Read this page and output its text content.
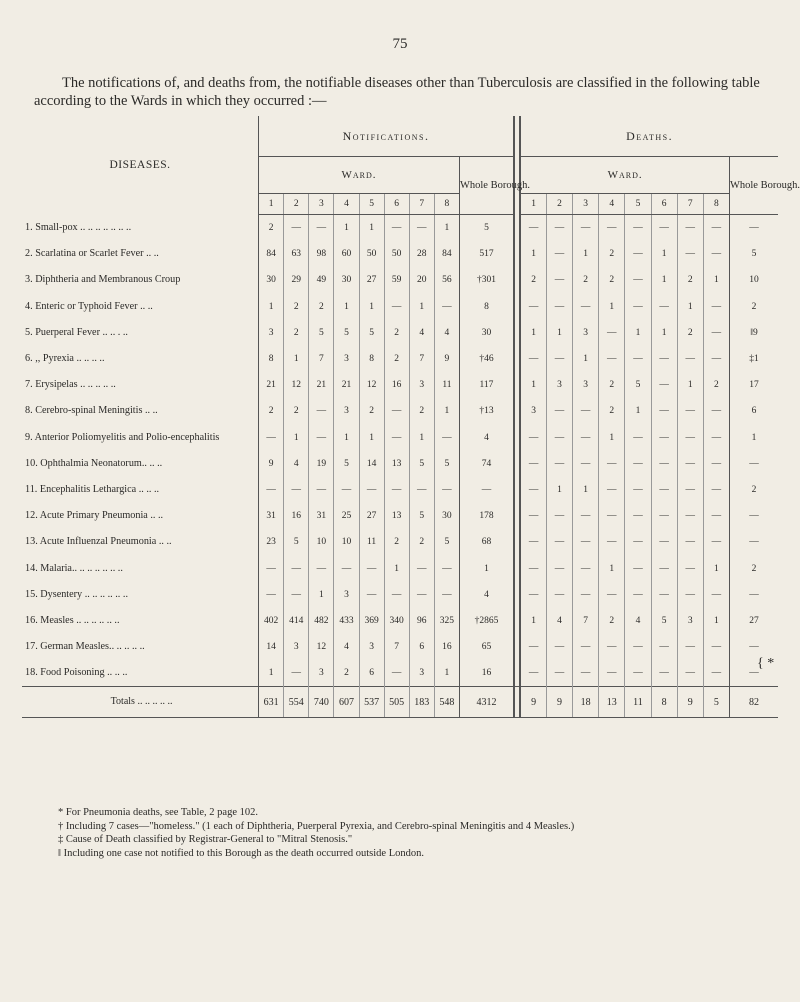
75
The notifications of, and deaths from, the notifiable diseases other than Tuberculosis are classified in the following table according to the Wards in which they occurred :—
DISEASES.	Notifications.										Deaths.								
	Ward.								Whole Borough.		Ward.								Whole Borough.
	1	2	3	4	5	6	7	8			1	2	3	4	5	6	7	8	
1. Small-pox .. .. .. .. .. .. ..	2	—	—	1	1	—	—	1	5		—	—	—	—	—	—	—	—	—
2. Scarlatina or Scarlet Fever .. ..	84	63	98	60	50	50	28	84	517		1	—	1	2	—	1	—	—	5
3. Diphtheria and Membranous Croup	30	29	49	30	27	59	20	56	†301		2	—	2	2	—	1	2	1	10
4. Enteric or Typhoid Fever .. ..	1	2	2	1	1	—	1	—	8		—	—	—	1	—	—	1	—	2
5. Puerperal Fever .. .. . ..	3	2	5	5	5	2	4	4	30		1	1	3	—	1	1	2	—	‖9
6. ,, Pyrexia .. .. .. ..	8	1	7	3	8	2	7	9	†46		—	—	1	—	—	—	—	—	‡1
7. Erysipelas .. .. .. .. ..	21	12	21	21	12	16	3	11	117		1	3	3	2	5	—	1	2	17
8. Cerebro-spinal Meningitis .. ..	2	2	—	3	2	—	2	1	†13		3	—	—	2	1	—	—	—	6
9. Anterior Poliomyelitis and Polio-encephalitis	—	1	—	1	1	—	1	—	4		—	—	—	1	—	—	—	—	1
10. Ophthalmia Neonatorum.. .. ..	9	4	19	5	14	13	5	5	74		—	—	—	—	—	—	—	—	—
11. Encephalitis Lethargica .. .. ..	—	—	—	—	—	—	—	—	—		—	1	1	—	—	—	—	—	2
12. Acute Primary Pneumonia .. ..	31	16	31	25	27	13	5	30	178		—	—	—	—	—	—	—	—	—
13. Acute Influenzal Pneumonia .. ..	23	5	10	10	11	2	2	5	68		—	—	—	—	—	—	—	—	—
14. Malaria.. .. .. .. .. .. ..	—	—	—	—	—	1	—	—	1		—	—	—	1	—	—	—	1	2
15. Dysentery .. .. .. .. .. ..	—	—	1	3	—	—	—	—	4		—	—	—	—	—	—	—	—	—
16. Measles .. .. .. .. .. ..	402	414	482	433	369	340	96	325	†2865		1	4	7	2	4	5	3	1	27
17. German Measles.. .. .. .. ..	14	3	12	4	3	7	6	16	65		—	—	—	—	—	—	—	—	—
18. Food Poisoning .. .. ..	1	—	3	2	6	—	3	1	16		—	—	—	—	—	—	—	—	—
Totals .. .. .. .. ..	631	554	740	607	537	505	183	548	4312		9	9	18	13	11	8	9	5	82
{ *
* For Pneumonia deaths, see Table, 2 page 102.
† Including 7 cases—"homeless." (1 each of Diphtheria, Puerperal Pyrexia, and Cerebro-spinal Meningitis and 4 Measles.)
‡ Cause of Death classified by Registrar-General to "Mitral Stenosis."
‖ Including one case not notified to this Borough as the death occurred outside London.
